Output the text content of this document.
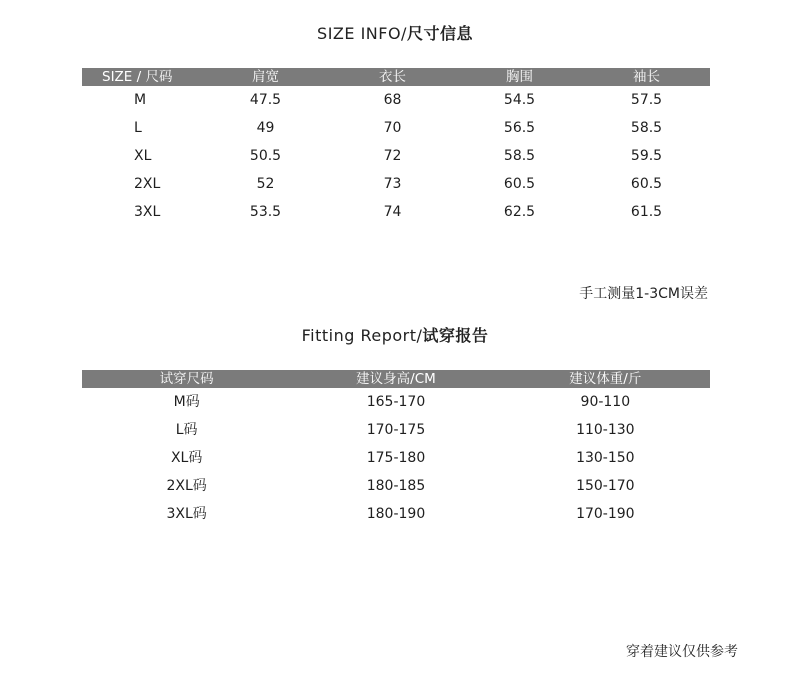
SIZE INFO/尺寸信息
SIZE / 尺码	肩宽	衣长	胸围	袖长
M	47.5	68	54.5	57.5
L	49	70	56.5	58.5
XL	50.5	72	58.5	59.5
2XL	52	73	60.5	60.5
3XL	53.5	74	62.5	61.5
手工测量1-3CM误差
Fitting Report/试穿报告
试穿尺码	建议身高/CM	建议体重/斤
M码	165-170	90-110
L码	170-175	110-130
XL码	175-180	130-150
2XL码	180-185	150-170
3XL码	180-190	170-190
穿着建议仅供参考
